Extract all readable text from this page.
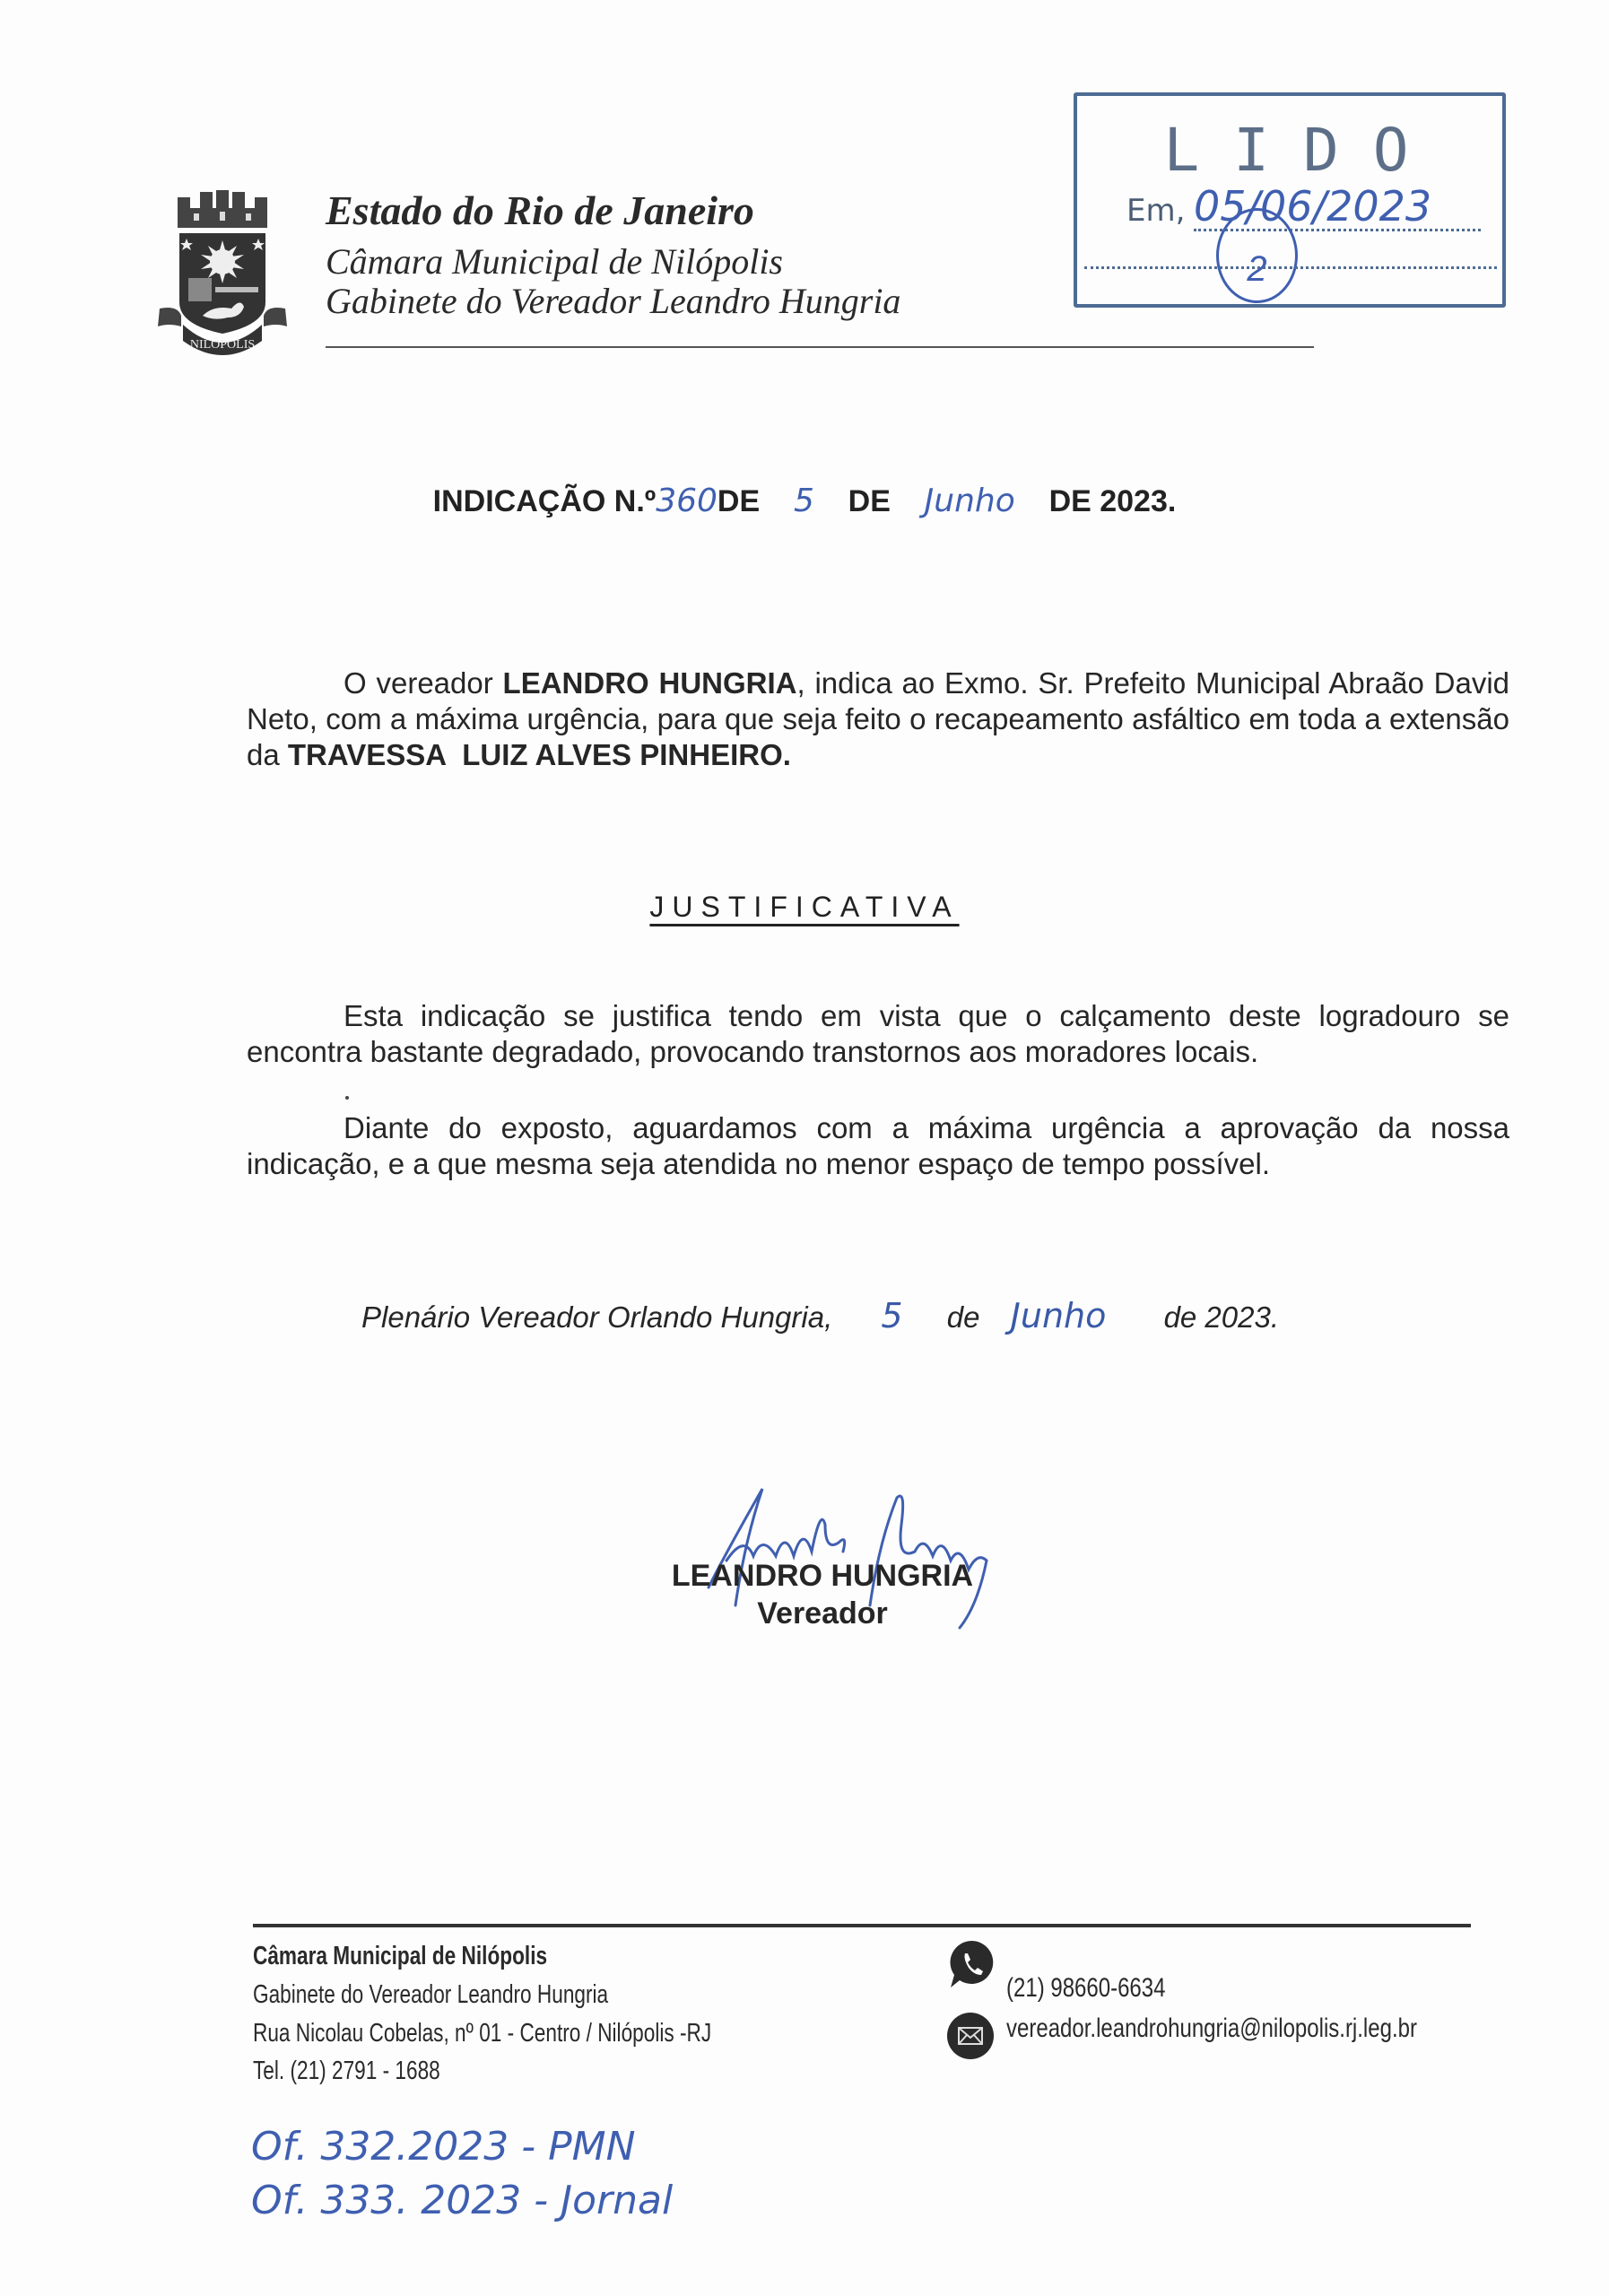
NILÓPOLIS
Estado do Rio de Janeiro
Câmara Municipal de Nilópolis
Gabinete do Vereador Leandro Hungria
LIDO
Em, 05/06/2023
2
INDICAÇÃO N.º360DE 5 DE Junho DE 2023.
O vereador LEANDRO HUNGRIA, indica ao Exmo. Sr. Prefeito Municipal Abraão David Neto, com a máxima urgência, para que seja feito o recapeamento asfáltico em toda a extensão da TRAVESSA  LUIZ ALVES PINHEIRO.
JUSTIFICATIVA
Esta indicação se justifica tendo em vista que o calçamento deste logradouro se encontra bastante degradado, provocando transtornos aos moradores locais.
Diante do exposto, aguardamos com a máxima urgência a aprovação da nossa indicação, e a que mesma seja atendida no menor espaço de tempo possível.
Plenário Vereador Orlando Hungria, 5 de Junho de 2023.
LEANDRO HUNGRIA
Vereador
Câmara Municipal de Nilópolis
Gabinete do Vereador Leandro Hungria
Rua Nicolau Cobelas, nº 01 - Centro / Nilópolis -RJ
Tel. (21) 2791 - 1688
(21) 98660-6634
vereador.leandrohungria@nilopolis.rj.leg.br
Of. 332.2023 - PMN
Of. 333. 2023 - Jornal
